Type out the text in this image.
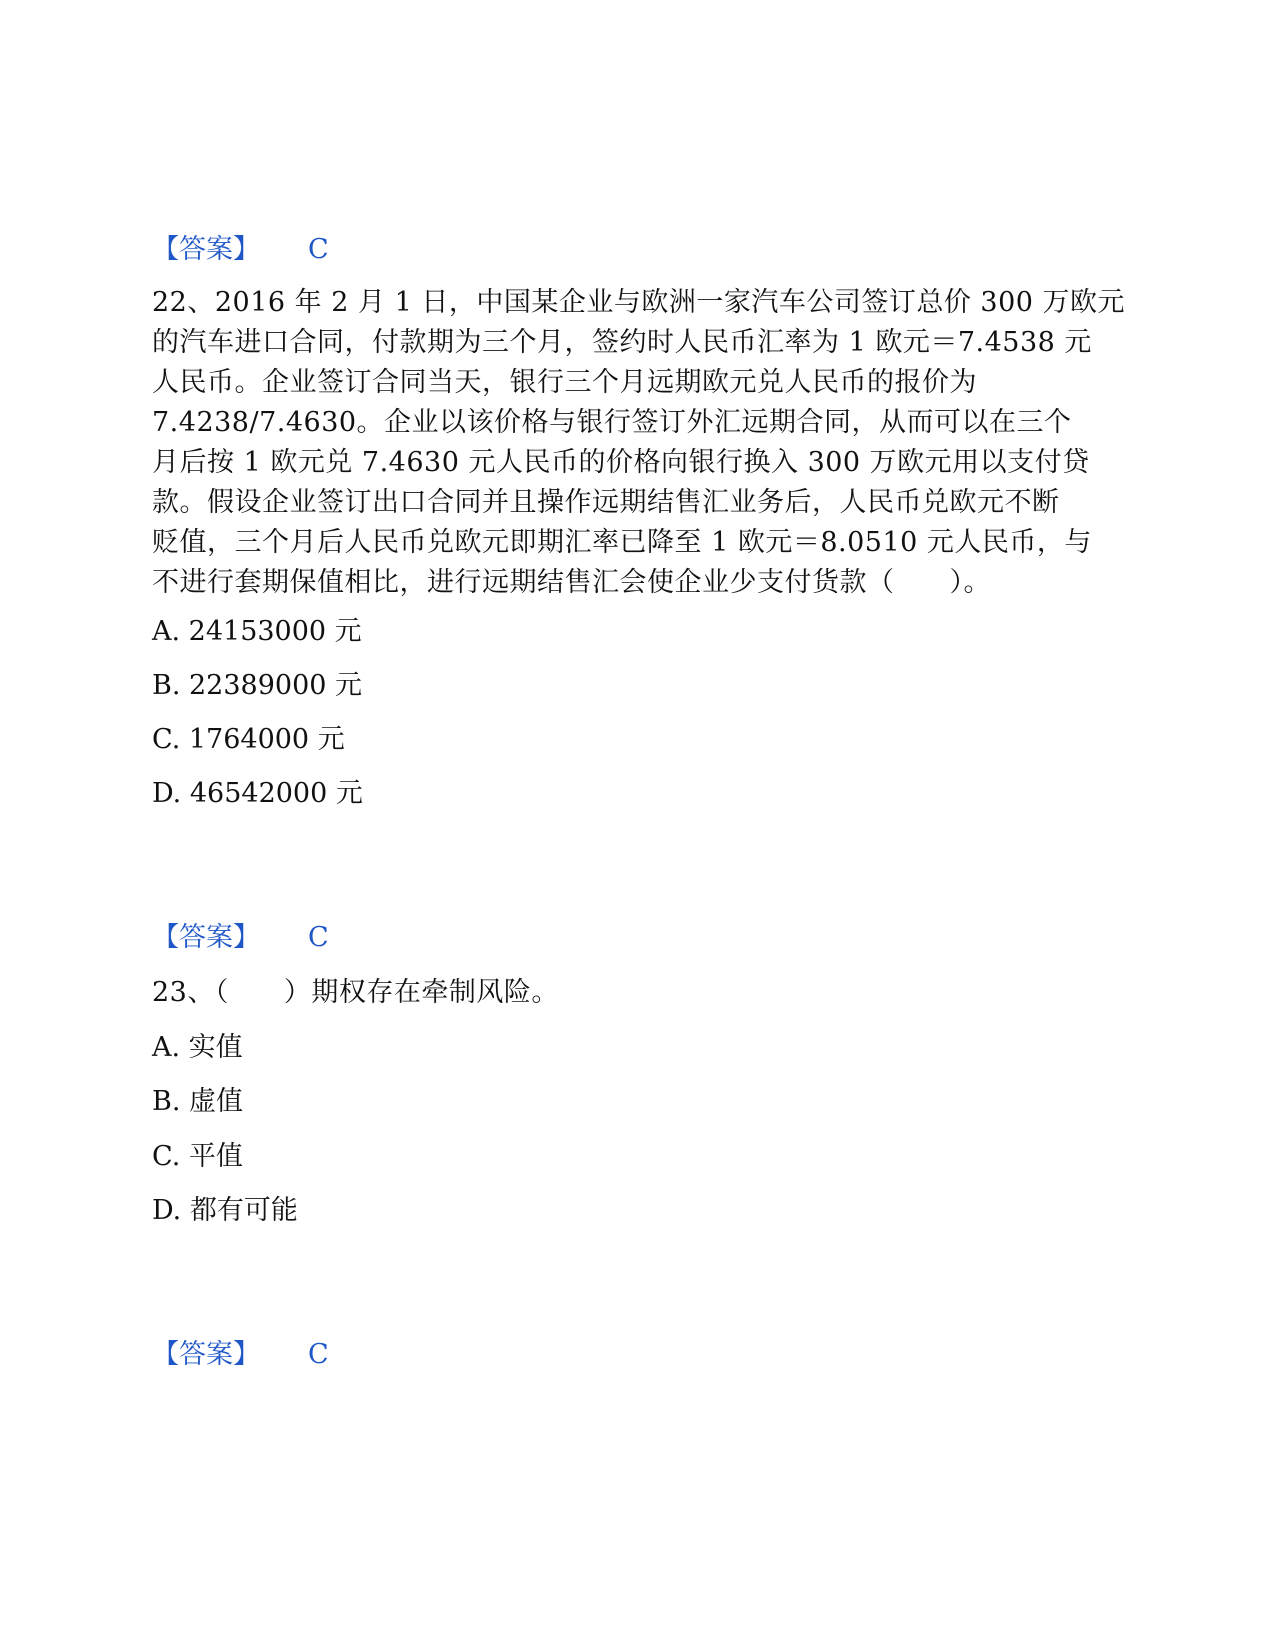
【答案】 C
22、2016 年 2 月 1 日，中国某企业与欧洲一家汽车公司签订总价 300 万欧元
的汽车进口合同，付款期为三个月，签约时人民币汇率为 1 欧元＝7.4538 元
人民币。企业签订合同当天，银行三个月远期欧元兑人民币的报价为
7.4238/7.4630。企业以该价格与银行签订外汇远期合同，从而可以在三个
月后按 1 欧元兑 7.4630 元人民币的价格向银行换入 300 万欧元用以支付贷
款。假设企业签订出口合同并且操作远期结售汇业务后，人民币兑欧元不断
贬值，三个月后人民币兑欧元即期汇率已降至 1 欧元＝8.0510 元人民币，与
不进行套期保值相比，进行远期结售汇会使企业少支付货款（　　）。
A. 24153000 元
B. 22389000 元
C. 1764000 元
D. 46542000 元
【答案】 C
23、（　　）期权存在牵制风险。
A. 实值
B. 虚值
C. 平值
D. 都有可能
【答案】 C
